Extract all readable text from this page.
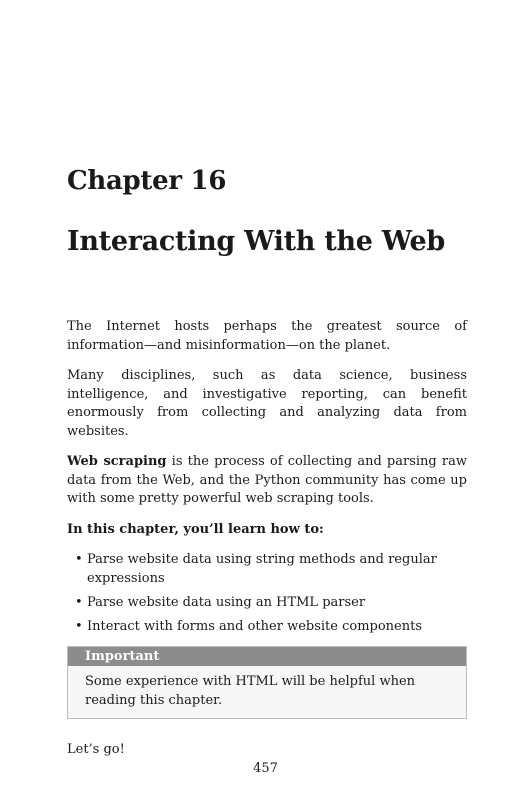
Chapter 16
Interacting With the Web

The Internet hosts perhaps the greatest source of information—and misinformation—on the planet.

Many disciplines, such as data science, business intelligence, and investigative reporting, can benefit enormously from collecting and analyzing data from websites.

Web scraping is the process of collecting and parsing raw data from the Web, and the Python community has come up with some pretty powerful web scraping tools.

In this chapter, you’ll learn how to:
• Parse website data using string methods and regular expressions
• Parse website data using an HTML parser
• Interact with forms and other website components
Important
Some experience with HTML will be helpful when reading this chapter.

Let’s go!

457
